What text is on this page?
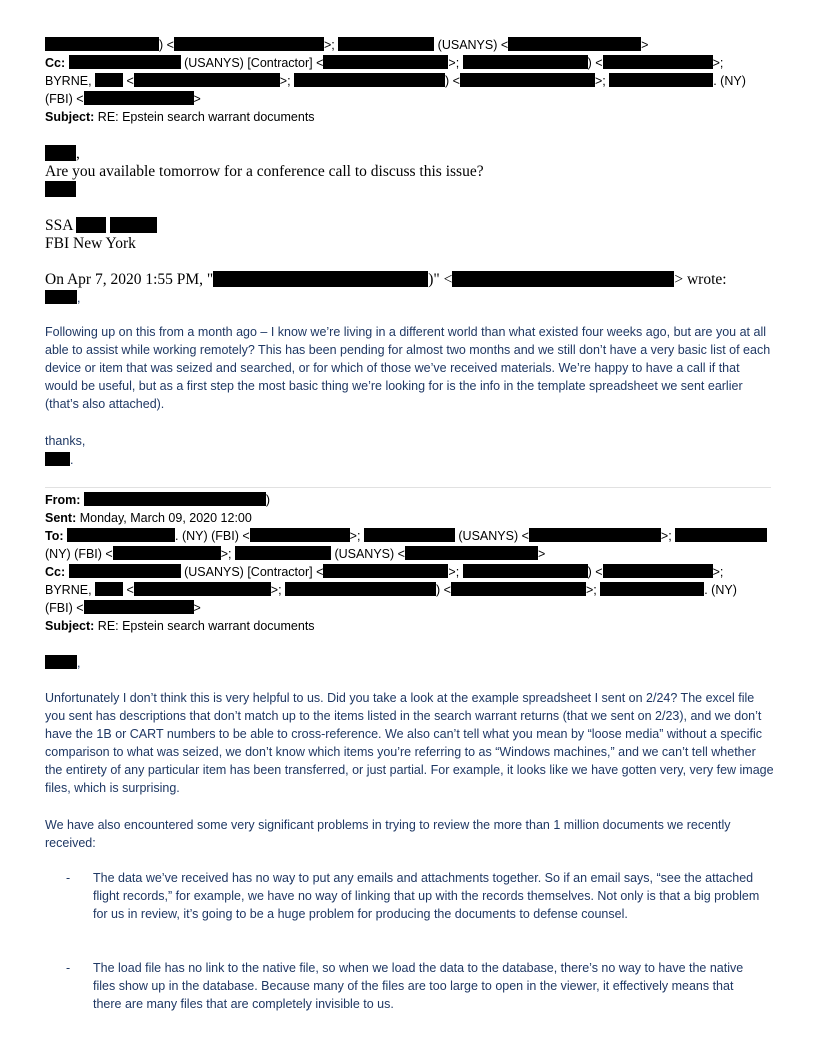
) <	>;	(USANYS) <	>
Cc:	(USANYS) [Contractor] <	>;	) <	>;
BYRNE,  <	>;	) <	>;	. (NY)
(FBI) <	>
Subject: RE: Epstein search warrant documents
,
Are you available tomorrow for a conference call to discuss this issue?
SSA
FBI New York
On Apr 7, 2020 1:55 PM, "	)" <	> wrote:
,

Following up on this from a month ago – I know we’re living in a different world than what existed four weeks ago, but are you at all able to assist while working remotely? This has been pending for almost two months and we still don’t have a very basic list of each device or item that was seized and searched, or for which of those we’ve received materials. We’re happy to have a call if that would be useful, but as a first step the most basic thing we’re looking for is the info in the template spreadsheet we sent earlier (that’s also attached).

thanks,
.
From:	)
Sent: Monday, March 09, 2020 12:00
To:	. (NY) (FBI) <	>;	(USANYS) <	>;
(NY) (FBI) <	>;	(USANYS) <	>
Cc:	(USANYS) [Contractor] <	>;	) <	>;
BYRNE,  <	>;	) <	>;	. (NY)
(FBI) <	>
Subject: RE: Epstein search warrant documents
,

Unfortunately I don’t think this is very helpful to us. Did you take a look at the example spreadsheet I sent on 2/24? The excel file you sent has descriptions that don’t match up to the items listed in the search warrant returns (that we sent on 2/23), and we don’t have the 1B or CART numbers to be able to cross-reference. We also can’t tell what you mean by “loose media” without a specific comparison to what was seized, we don’t know which items you’re referring to as “Windows machines,” and we can’t tell whether the entirety of any particular item has been transferred, or just partial. For example, it looks like we have gotten very, very few image files, which is surprising.

We have also encountered some very significant problems in trying to review the more than 1 million documents we recently received:

- The data we’ve received has no way to put any emails and attachments together. So if an email says, “see the attached flight records,” for example, we have no way of linking that up with the records themselves. Not only is that a big problem for us in review, it’s going to be a huge problem for producing the documents to defense counsel.
- The load file has no link to the native file, so when we load the data to the database, there’s no way to have the native files show up in the database. Because many of the files are too large to open in the viewer, it effectively means that there are many files that are completely invisible to us.
